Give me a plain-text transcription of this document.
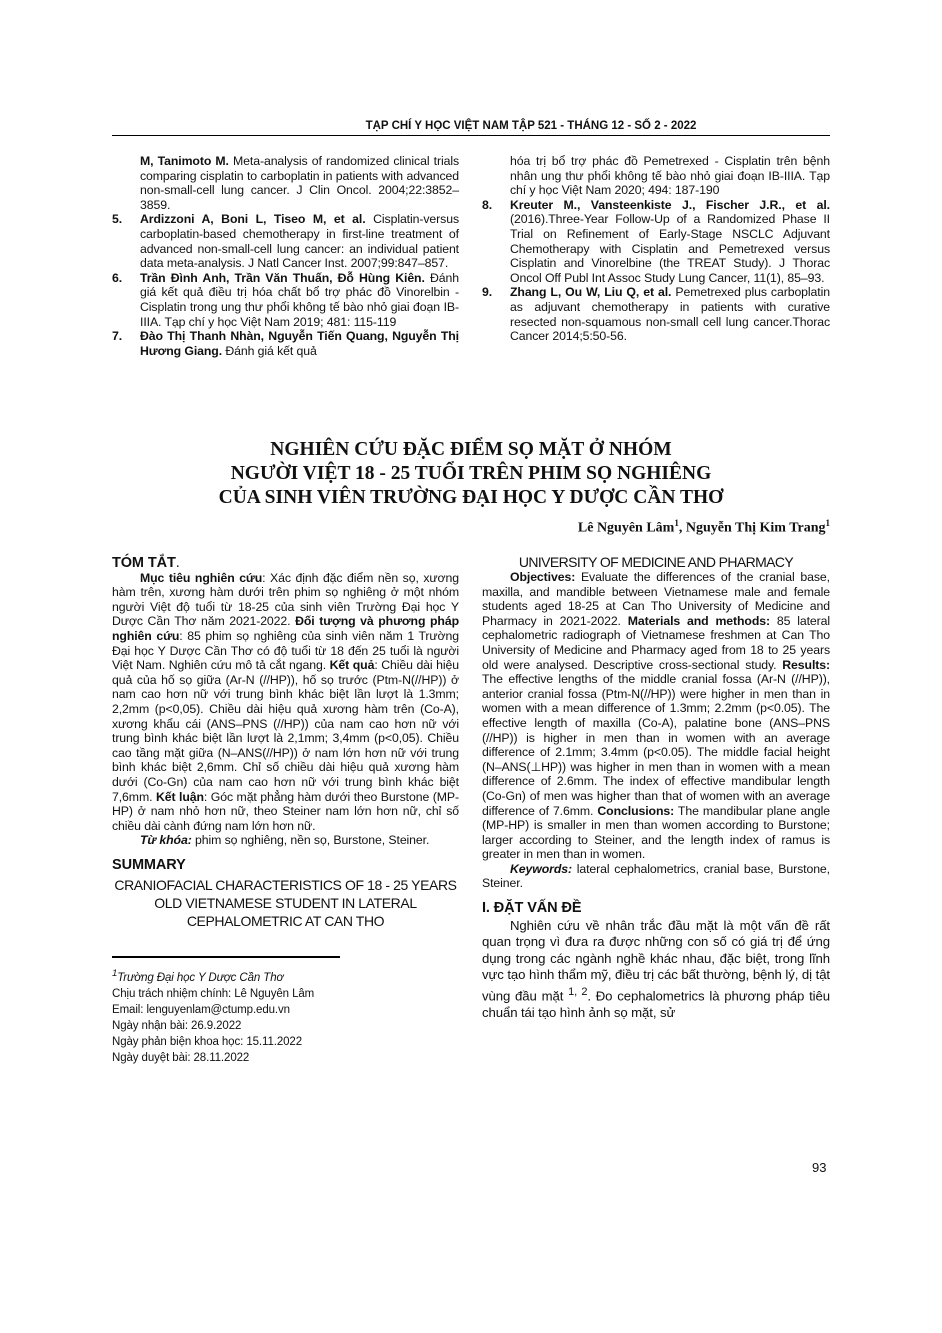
TẠP CHÍ Y HỌC VIỆT NAM TẬP 521 - THÁNG 12 - SỐ 2 - 2022
M, Tanimoto M. Meta-analysis of randomized clinical trials comparing cisplatin to carboplatin in patients with advanced non-small-cell lung cancer. J Clin Oncol. 2004;22:3852–3859.
5.	Ardizzoni A, Boni L, Tiseo M, et al. Cisplatin-versus carboplatin-based chemotherapy in first-line treatment of advanced non-small-cell lung cancer: an individual patient data meta-analysis. J Natl Cancer Inst. 2007;99:847–857.
6.	Trần Đình Anh, Trần Văn Thuấn, Đỗ Hùng Kiên. Đánh giá kết quả điều trị hóa chất bổ trợ phác đồ Vinorelbin - Cisplatin trong ung thư phổi không tế bào nhỏ giai đoạn IB-IIIA. Tạp chí y học Việt Nam 2019; 481: 115-119
7.	Đào Thị Thanh Nhàn, Nguyễn Tiến Quang, Nguyễn Thị Hương Giang. Đánh giá kết quả
hóa trị bổ trợ phác đồ Pemetrexed - Cisplatin trên bệnh nhân ung thư phổi không tế bào nhỏ giai đoạn IB-IIIA. Tạp chí y học Việt Nam 2020; 494: 187-190
8.	Kreuter M., Vansteenkiste J., Fischer J.R., et al. (2016).Three-Year Follow-Up of a Randomized Phase II Trial on Refinement of Early-Stage NSCLC Adjuvant Chemotherapy with Cisplatin and Pemetrexed versus Cisplatin and Vinorelbine (the TREAT Study). J Thorac Oncol Off Publ Int Assoc Study Lung Cancer, 11(1), 85–93.
9.	Zhang L, Ou W, Liu Q, et al. Pemetrexed plus carboplatin as adjuvant chemotherapy in patients with curative resected non-squamous non-small cell lung cancer.Thorac Cancer 2014;5:50-56.
NGHIÊN CỨU ĐẶC ĐIỂM SỌ MẶT Ở NHÓM
NGƯỜI VIỆT 18 - 25 TUỔI TRÊN PHIM SỌ NGHIÊNG
CỦA SINH VIÊN TRƯỜNG ĐẠI HỌC Y DƯỢC CẦN THƠ
Lê Nguyên Lâm$^1$, Nguyễn Thị Kim Trang$^1$
TÓM TẮT.

Mục tiêu nghiên cứu: Xác định đặc điểm nền sọ, xương hàm trên, xương hàm dưới trên phim sọ nghiêng ở một nhóm người Việt độ tuổi từ 18-25 của sinh viên Trường Đại học Y Dược Cần Thơ năm 2021-2022. Đối tượng và phương pháp nghiên cứu: 85 phim sọ nghiêng của sinh viên năm 1 Trường Đại học Y Dược Cần Thơ có độ tuổi từ 18 đến 25 tuổi là người Việt Nam. Nghiên cứu mô tả cắt ngang. Kết quả: Chiều dài hiệu quả của hố sọ giữa (Ar-N (//HP)), hố sọ trước (Ptm-N(//HP)) ở nam cao hơn nữ với trung bình khác biệt lần lượt là 1.3mm; 2,2mm (p<0,05). Chiều dài hiệu quả xương hàm trên (Co-A), xương khẩu cái (ANS–PNS (//HP)) của nam cao hơn nữ với trung bình khác biệt lần lượt là 2,1mm; 3,4mm (p<0,05). Chiều cao tầng mặt giữa (N–ANS(//HP)) ở nam lớn hơn nữ với trung bình khác biệt 2,6mm. Chỉ số chiều dài hiệu quả xương hàm dưới (Co-Gn) của nam cao hơn nữ với trung bình khác biệt 7,6mm. Kết luận: Góc mặt phẳng hàm dưới theo Burstone (MP-HP) ở nam nhỏ hơn nữ, theo Steiner nam lớn hơn nữ, chỉ số chiều dài cành đứng nam lớn hơn nữ.

Từ khóa: phim sọ nghiêng, nền sọ, Burstone, Steiner.

SUMMARY
CRANIOFACIAL CHARACTERISTICS OF 18 - 25 YEARS OLD VIETNAMESE STUDENT IN LATERAL CEPHALOMETRIC AT CAN THO
$^1$Trường Đại học Y Dược Cần Thơ
Chịu trách nhiệm chính: Lê Nguyên Lâm
Email: lenguyenlam@ctump.edu.vn
Ngày nhận bài: 26.9.2022
Ngày phản biện khoa học: 15.11.2022
Ngày duyệt bài: 28.11.2022
UNIVERSITY OF MEDICINE AND PHARMACY

Objectives: Evaluate the differences of the cranial base, maxilla, and mandible between Vietnamese male and female students aged 18-25 at Can Tho University of Medicine and Pharmacy in 2021-2022. Materials and methods: 85 lateral cephalometric radiograph of Vietnamese freshmen at Can Tho University of Medicine and Pharmacy aged from 18 to 25 years old were analysed. Descriptive cross-sectional study. Results: The effective lengths of the middle cranial fossa (Ar-N (//HP)), anterior cranial fossa (Ptm-N(//HP)) were higher in men than in women with a mean difference of 1.3mm; 2.2mm (p<0.05). The effective length of maxilla (Co-A), palatine bone (ANS–PNS (//HP)) is higher in men than in women with an average difference of 2.1mm; 3.4mm (p<0.05). The middle facial height (N–ANS(⊥HP)) was higher in men than in women with a mean difference of 2.6mm. The index of effective mandibular length (Co-Gn) of men was higher than that of women with an average difference of 7.6mm. Conclusions: The mandibular plane angle (MP-HP) is smaller in men than women according to Burstone; larger according to Steiner, and the length index of ramus is greater in men than in women.

Keywords: lateral cephalometrics, cranial base, Burstone, Steiner.

I. ĐẶT VẤN ĐỀ

Nghiên cứu về nhân trắc đầu mặt là một vấn đề rất quan trọng vì đưa ra được những con số có giá trị để ứng dụng trong các ngành nghề khác nhau, đặc biệt, trong lĩnh vực tạo hình thẩm mỹ, điều trị các bất thường, bệnh lý, dị tật vùng đầu mặt $^{1, 2}$. Đo cephalometrics là phương pháp tiêu chuẩn tái tạo hình ảnh sọ mặt, sử

93
